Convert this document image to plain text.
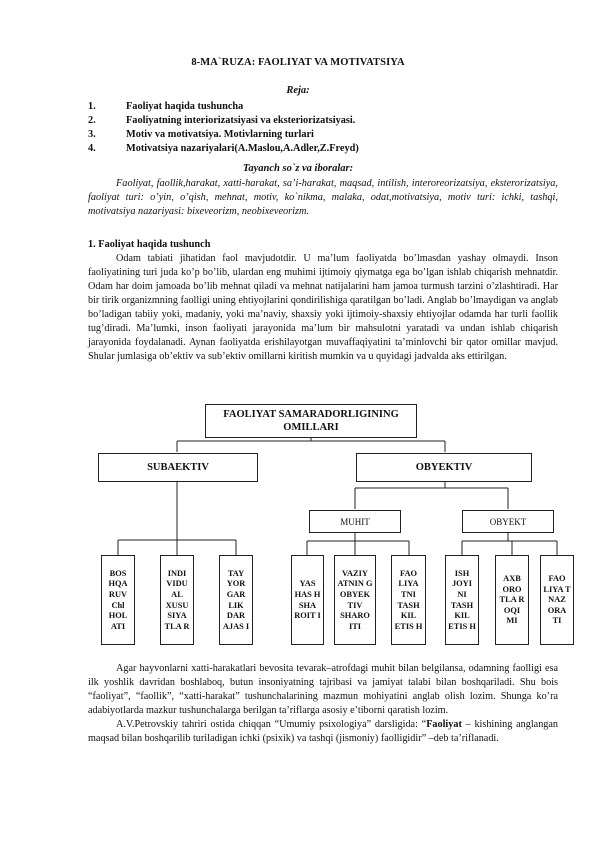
8-MA`RUZA: FAOLIYAT VA MOTIVATSIYA
Reja:
1.	Faoliyat haqida tushuncha
2.	Faoliyatning interiorizatsiyasi va eksteriorizatsiyasi.
3.	Motiv va motivatsiya. Motivlarning turlari
4.	Motivatsiya nazariyalari(A.Maslou,A.Adler,Z.Freyd)
Tayanch so`z va iboralar:

Faoliyat, faollik,harakat, xatti-harakat, sa’i-harakat, maqsad, intilish, interoreorizatsiya, eksterorizatsiya, faoliyat turi: o’yin, o’qish, mehnat, motiv, ko`nikma, malaka, odat,motivatsiya, motiv turi: ichki, tashqi, motivatsiya nazariyasi: bixeveorizm, neobixeveorizm.

1. Faoliyat haqida tushunch

Odam tabiati jihatidan faol mavjudotdir. U ma’lum faoliyatda bo’lmasdan yashay olmaydi. Inson faoliyatining turi juda ko’p bo’lib, ulardan eng muhimi ijtimoiy qiymatga ega bo’lgan ishlab chiqarish mehnatdir. Odam har doim jamoada bo’lib mehnat qiladi va mehnat natijalarini ham jamoa turmush tarzini o’zlashtiradi. Har bir tirik organizmning faolligi uning ehtiyojlarini qondirilishiga qaratilgan bo’ladi. Anglab bo’lmaydigan va anglab bo’ladigan tabiiy yoki, madaniy, yoki ma’naviy, shaxsiy yoki ijtimoiy-shaxsiy ehtiyojlar odamda har turli faollik tug’diradi. Ma’lumki, inson faoliyati jarayonida ma’lum bir mahsulotni yaratadi va undan ishlab chiqarish jarayonida foydalanadi. Aynan faoliyatda erishilayotgan muvaffaqiyatini ta’minlovchi bir qator omillar mavjud. Shular jumlasiga ob’ektiv va sub’ektiv omillarni kiritish mumkin va u quyidagi jadvalda aks ettirilgan.

FAOLIYAT SAMARADORLIGINING OMILLARI
SUBAEKTIV	OBYEKTIV
MUHIT	OBYEKT
BOS HQA RUV Chl HOL ATI
INDI VIDU AL XUSU SIYA TLA R
TAY YOR GAR LIK DAR AJAS I
YAS HAS H SHA ROIT I
VAZIY ATNIN G OBYEK TIV SHARO ITI
FAO LIYA TNI TASH KIL ETIS H
ISH JOYI NI TASH KIL ETIS H
AXB ORO TLA R OQI MI
FAO LIYA T NAZ ORA TI

Agar hayvonlarni xatti-harakatlari bevosita tevarak–atrofdagi muhit bilan belgilansa, odamning faolligi esa ilk yoshlik davridan boshlaboq, butun insoniyatning tajribasi va jamiyat talabi bilan boshqariladi. Shu bois “faoliyat”, “faollik”, “xatti-harakat” tushunchalarining mazmun mohiyatini anglab olish lozim. Shunga ko’ra adabiyotlarda mazkur tushunchalarga berilgan ta’riflarga asosiy e’tiborni qaratish lozim.

A.V.Petrovskiy tahriri ostida chiqqan “Umumiy psixologiya” darsligida: “Faoliyat – kishining anglangan maqsad bilan boshqarilib turiladigan ichki (psixik) va tashqi (jismoniy) faolligidir” –deb ta’riflanadi.
